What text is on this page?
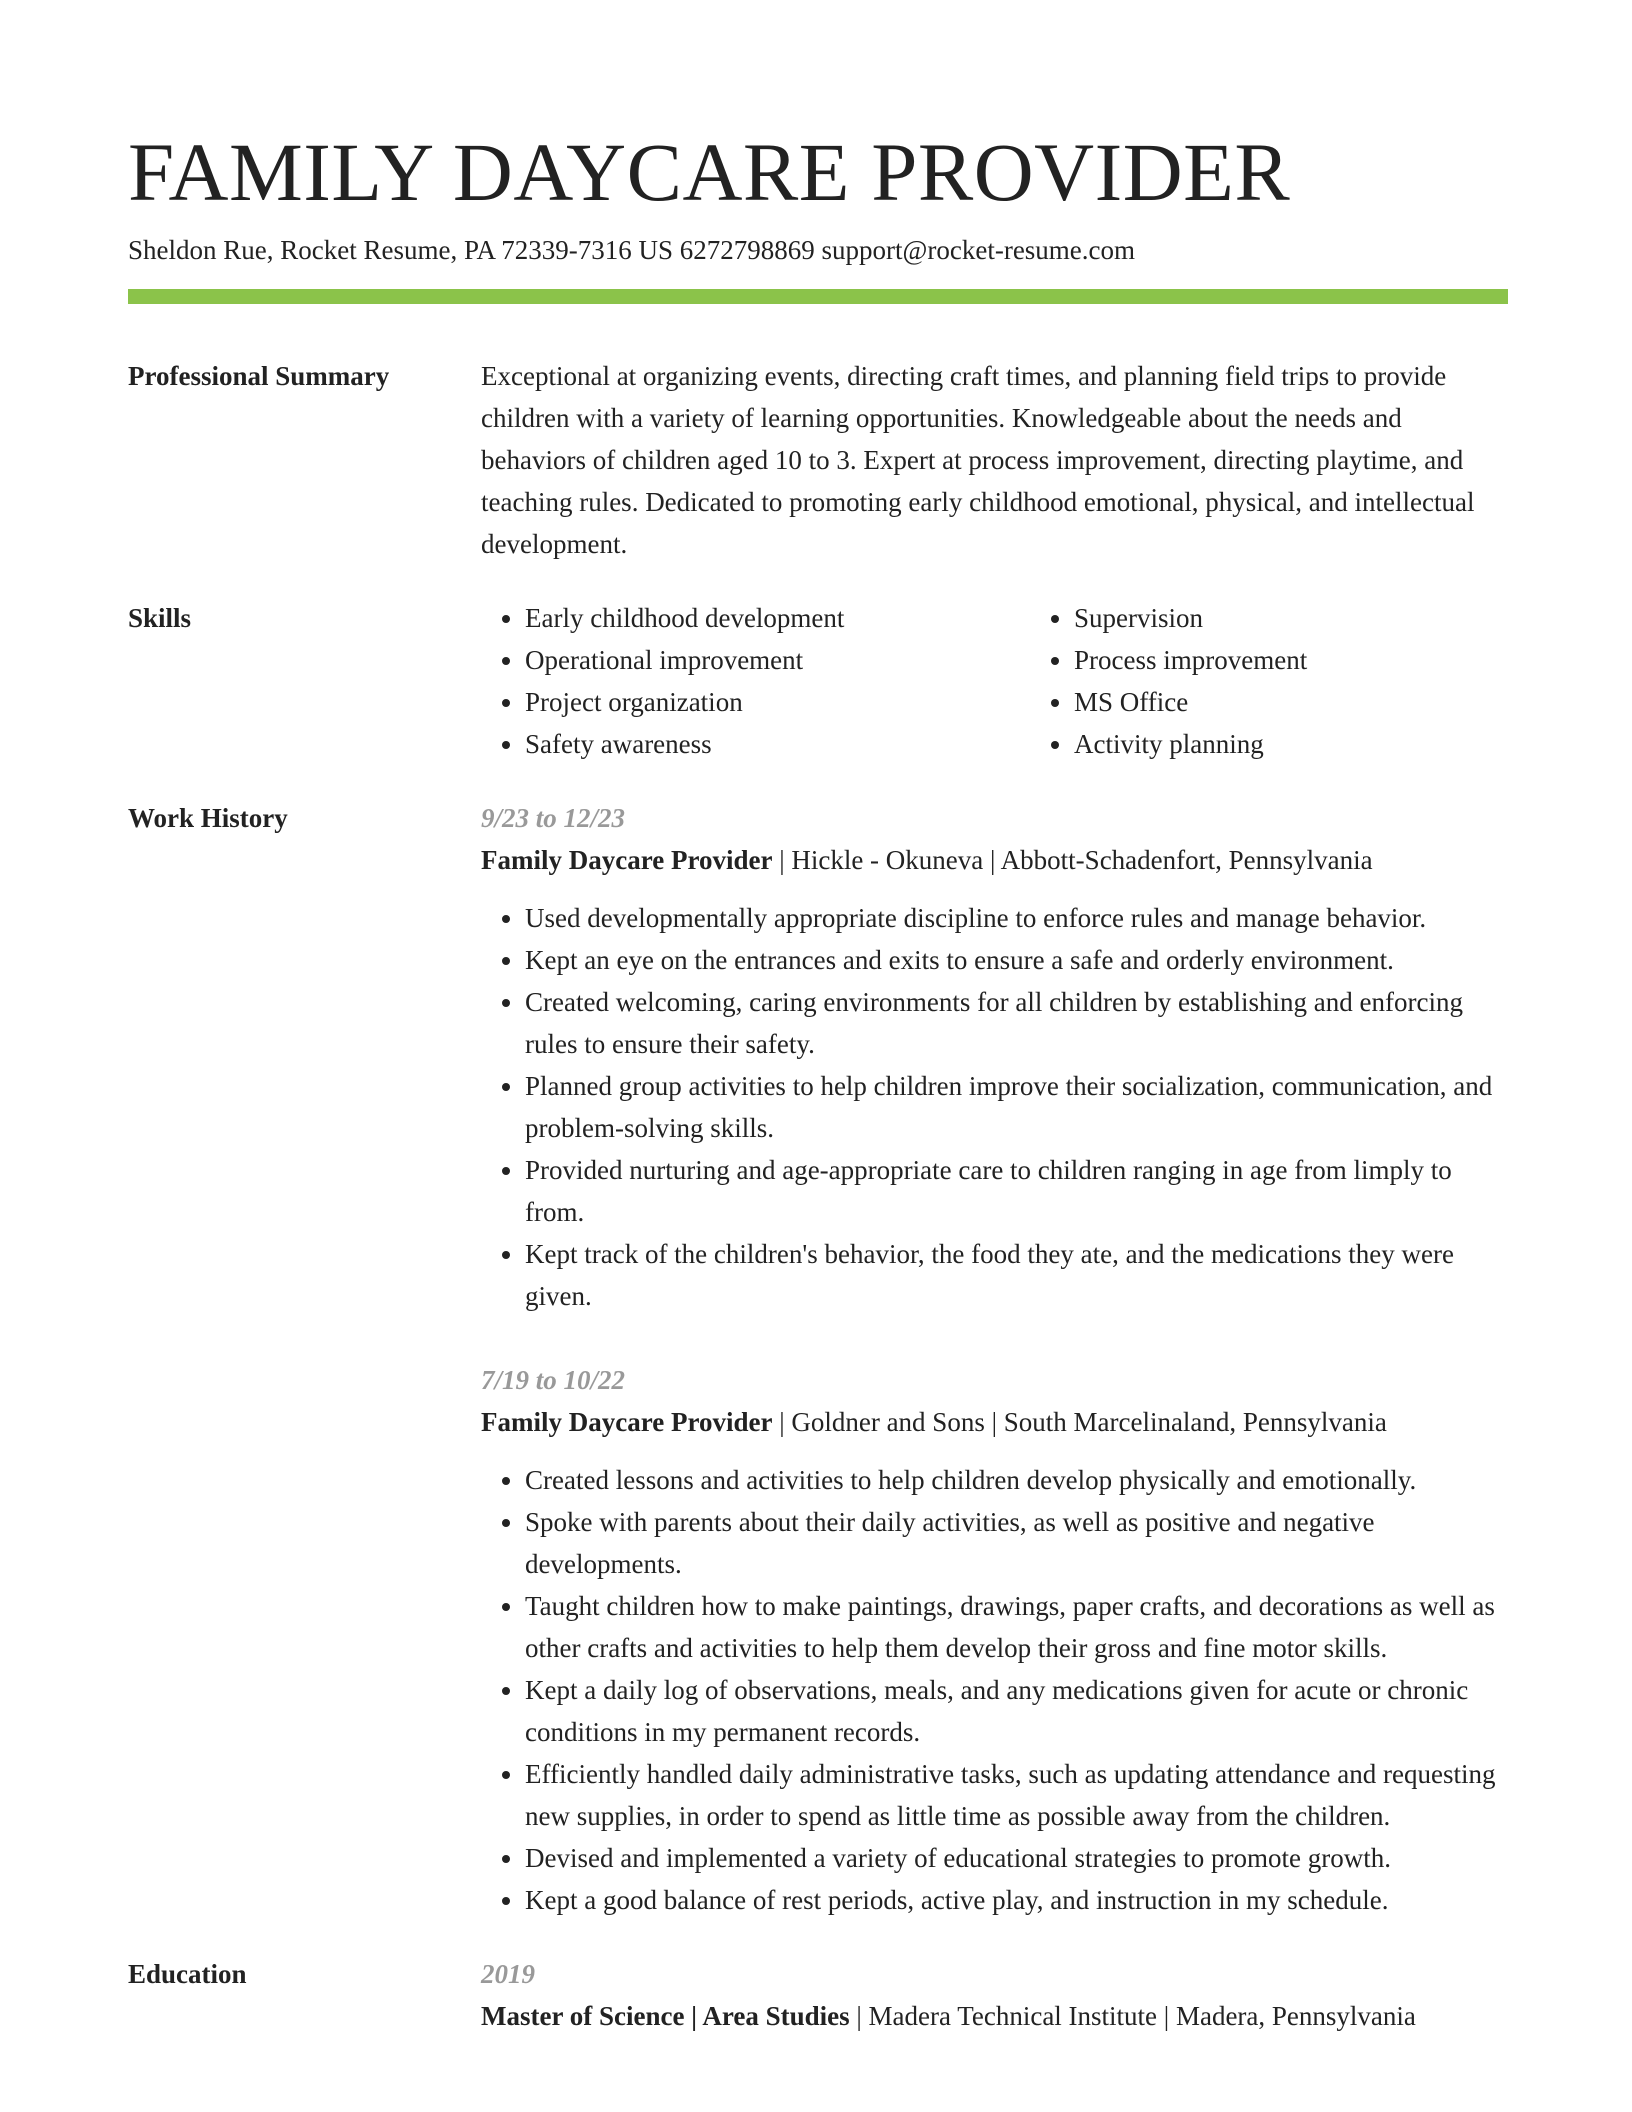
FAMILY DAYCARE PROVIDER
Sheldon Rue, Rocket Resume, PA 72339-7316 US 6272798869 support@rocket-resume.com
Professional Summary	Exceptional at organizing events, directing craft times, and planning field trips to provide children with a variety of learning opportunities. Knowledgeable about the needs and behaviors of children aged 10 to 3. Expert at process improvement, directing playtime, and teaching rules. Dedicated to promoting early childhood emotional, physical, and intellectual development.
Skills
•	Early childhood development
• Operational improvement
• Project organization
• Safety awareness
• Supervision
• Process improvement
• MS Office
• Activity planning
Work History	9/23 to 12/23
Family Daycare Provider | Hickle - Okuneva | Abbott-Schadenfort, Pennsylvania
• Used developmentally appropriate discipline to enforce rules and manage behavior.
• Kept an eye on the entrances and exits to ensure a safe and orderly environment.
• Created welcoming, caring environments for all children by establishing and enforcing rules to ensure their safety.
• Planned group activities to help children improve their socialization, communication, and problem-solving skills.
• Provided nurturing and age-appropriate care to children ranging in age from limply to from.
• Kept track of the children's behavior, the food they ate, and the medications they were given.
7/19 to 10/22
Family Daycare Provider | Goldner and Sons | South Marcelinaland, Pennsylvania
• Created lessons and activities to help children develop physically and emotionally.
• Spoke with parents about their daily activities, as well as positive and negative developments.
• Taught children how to make paintings, drawings, paper crafts, and decorations as well as other crafts and activities to help them develop their gross and fine motor skills.
• Kept a daily log of observations, meals, and any medications given for acute or chronic conditions in my permanent records.
• Efficiently handled daily administrative tasks, such as updating attendance and requesting new supplies, in order to spend as little time as possible away from the children.
• Devised and implemented a variety of educational strategies to promote growth.
• Kept a good balance of rest periods, active play, and instruction in my schedule.
Education	2019
Master of Science | Area Studies | Madera Technical Institute | Madera, Pennsylvania
